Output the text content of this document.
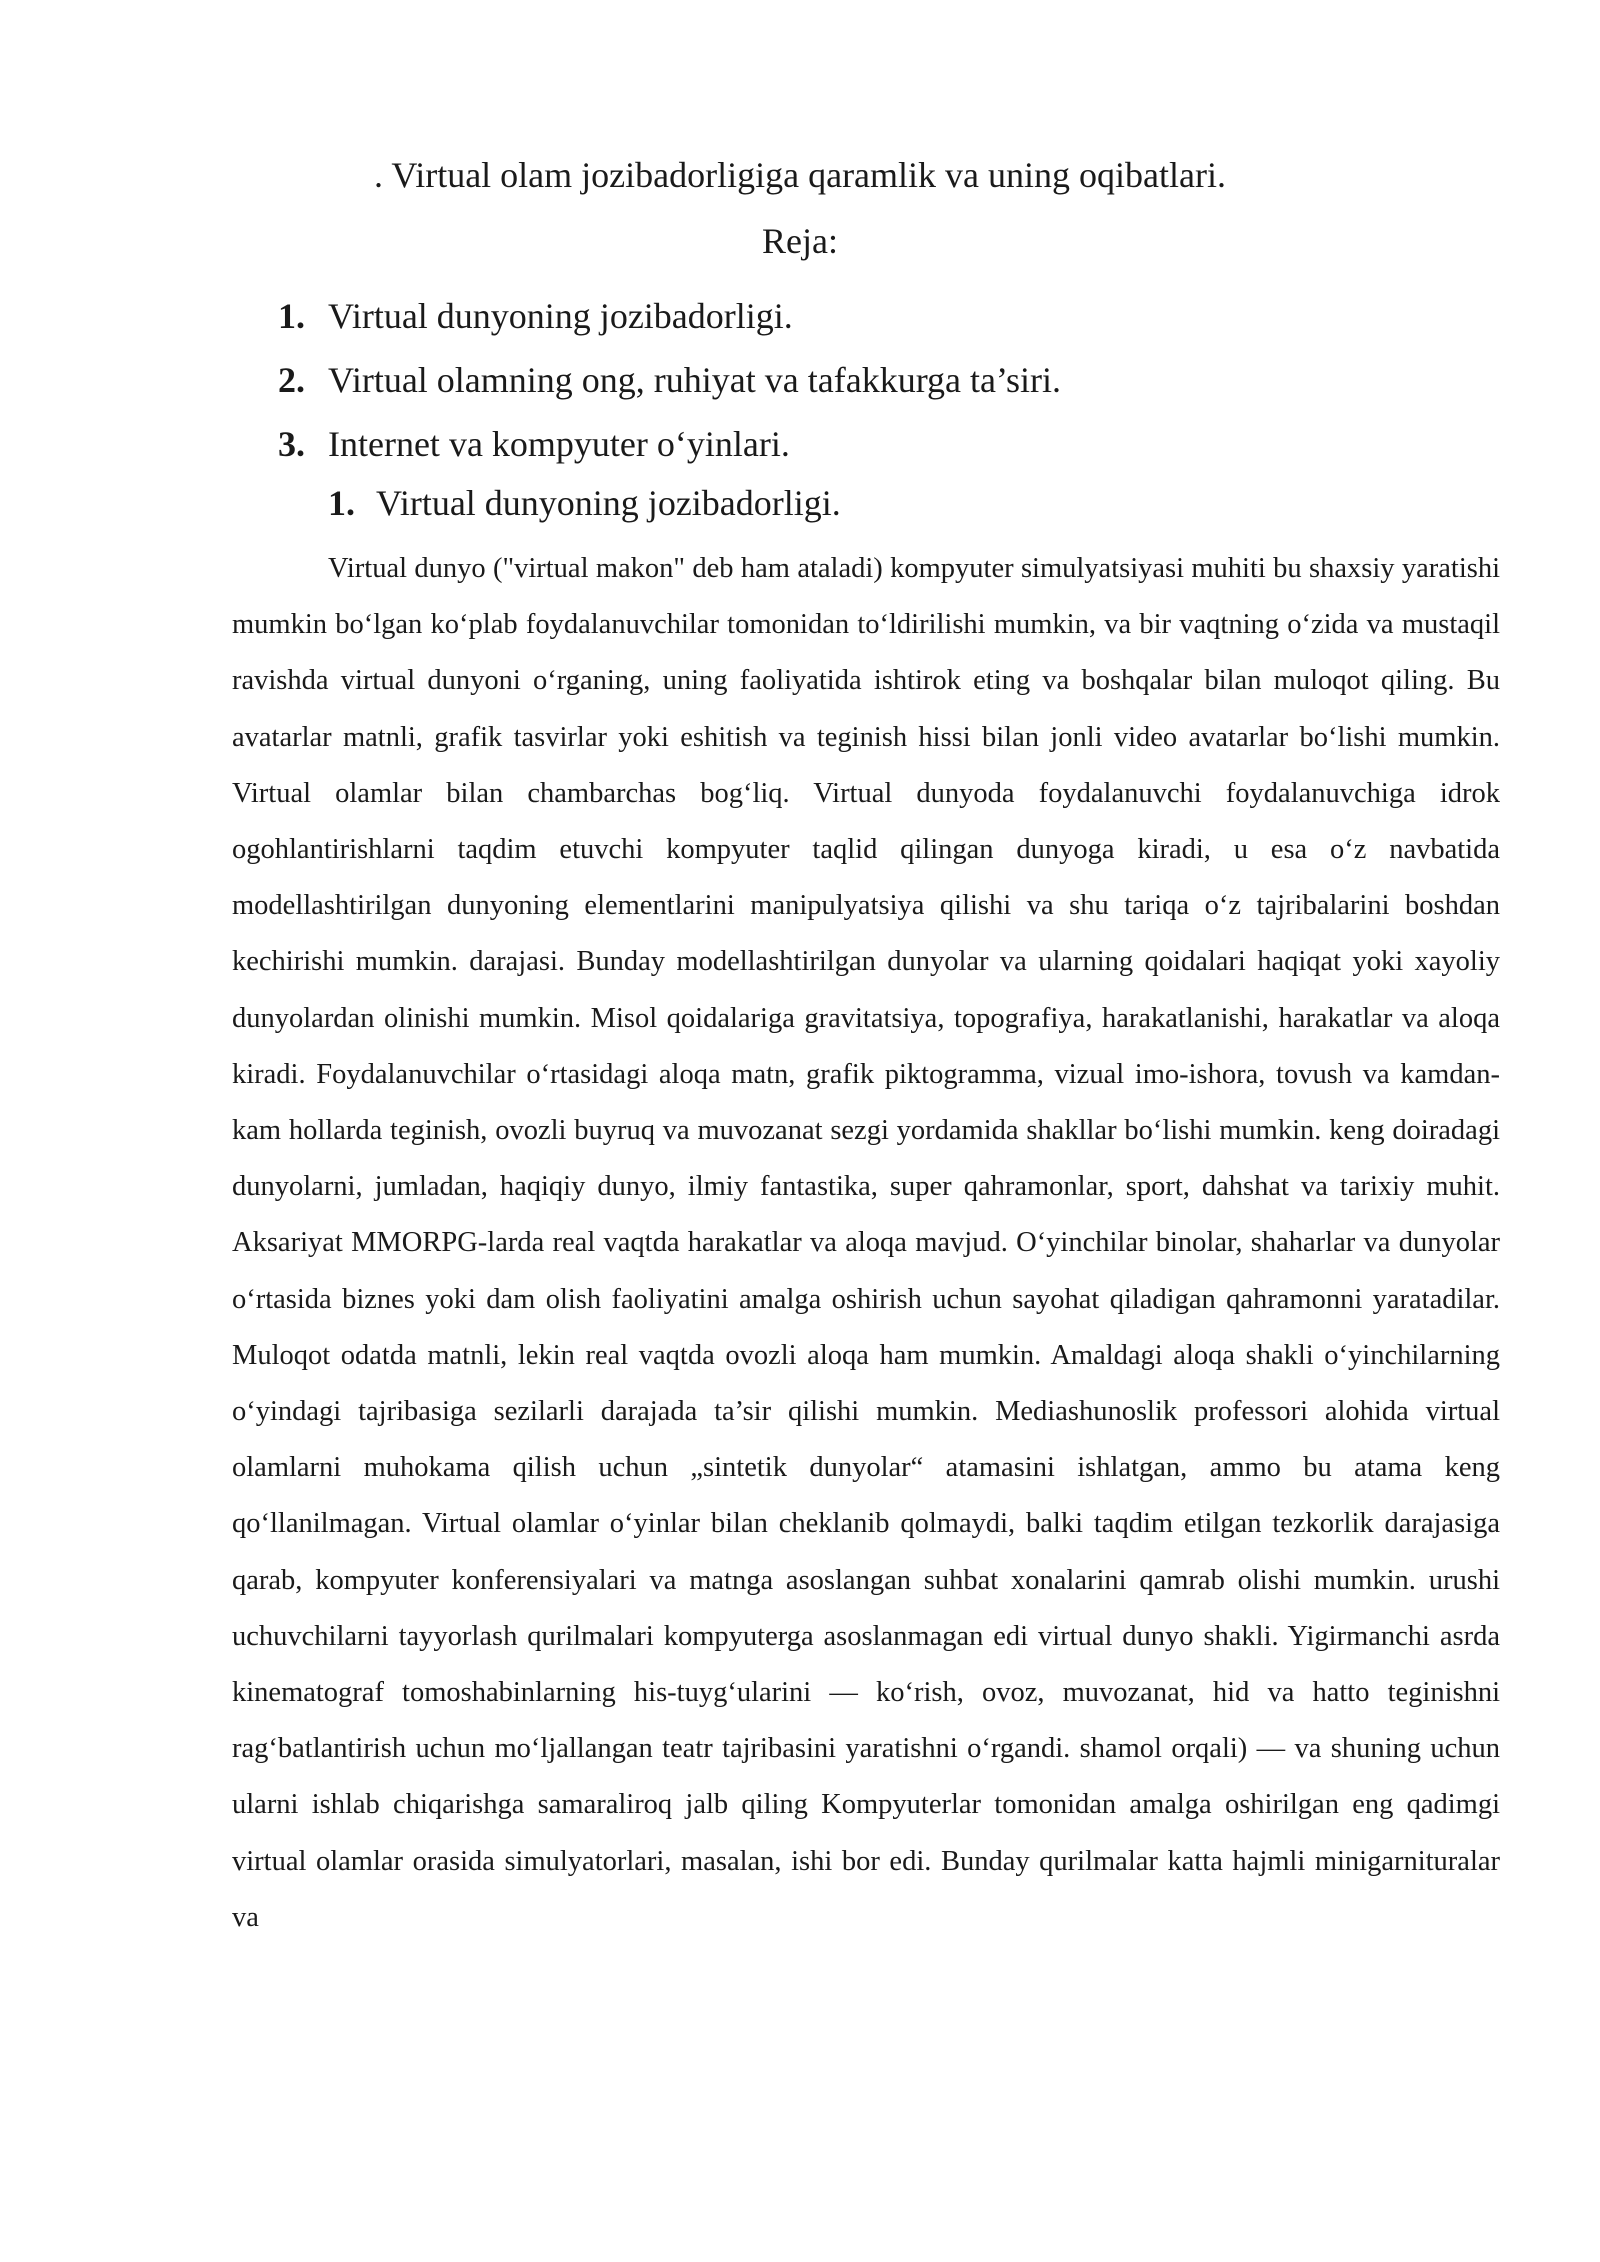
. Virtual olam jozibadorligiga qaramlik va uning oqibatlari.
Reja:
1. Virtual dunyoning jozibadorligi.
2. Virtual olamning ong, ruhiyat va tafakkurga ta’siri.
3. Internet va kompyuter o‘yinlari.
1. Virtual dunyoning jozibadorligi.

Virtual dunyo ("virtual makon" deb ham ataladi) kompyuter simulyatsiyasi muhiti bu shaxsiy yaratishi mumkin bo‘lgan ko‘plab foydalanuvchilar tomonidan to‘ldirilishi mumkin, va bir vaqtning o‘zida va mustaqil ravishda virtual dunyoni o‘rganing, uning faoliyatida ishtirok eting va boshqalar bilan muloqot qiling. Bu avatarlar matnli, grafik tasvirlar yoki eshitish va teginish hissi bilan jonli video avatarlar bo‘lishi mumkin. Virtual olamlar bilan chambarchas bog‘liq. Virtual dunyoda foydalanuvchi foydalanuvchiga idrok ogohlantirishlarni taqdim etuvchi kompyuter taqlid qilingan dunyoga kiradi, u esa o‘z navbatida modellashtirilgan dunyoning elementlarini manipulyatsiya qilishi va shu tariqa o‘z tajribalarini boshdan kechirishi mumkin. darajasi. Bunday modellashtirilgan dunyolar va ularning qoidalari haqiqat yoki xayoliy dunyolardan olinishi mumkin. Misol qoidalariga gravitatsiya, topografiya, harakatlanishi, harakatlar va aloqa kiradi. Foydalanuvchilar o‘rtasidagi aloqa matn, grafik piktogramma, vizual imo-ishora, tovush va kamdan-kam hollarda teginish, ovozli buyruq va muvozanat sezgi yordamida shakllar bo‘lishi mumkin. keng doiradagi dunyolarni, jumladan, haqiqiy dunyo, ilmiy fantastika, super qahramonlar, sport, dahshat va tarixiy muhit. Aksariyat MMORPG-larda real vaqtda harakatlar va aloqa mavjud. O‘yinchilar binolar, shaharlar va dunyolar o‘rtasida biznes yoki dam olish faoliyatini amalga oshirish uchun sayohat qiladigan qahramonni yaratadilar. Muloqot odatda matnli, lekin real vaqtda ovozli aloqa ham mumkin. Amaldagi aloqa shakli o‘yinchilarning o‘yindagi tajribasiga sezilarli darajada ta’sir qilishi mumkin. Mediashunoslik professori alohida virtual olamlarni muhokama qilish uchun „sintetik dunyolar“ atamasini ishlatgan, ammo bu atama keng qo‘llanilmagan. Virtual olamlar o‘yinlar bilan cheklanib qolmaydi, balki taqdim etilgan tezkorlik darajasiga qarab, kompyuter konferensiyalari va matnga asoslangan suhbat xonalarini qamrab olishi mumkin. urushi uchuvchilarni tayyorlash qurilmalari kompyuterga asoslanmagan edi virtual dunyo shakli. Yigirmanchi asrda kinematograf tomoshabinlarning his-tuyg‘ularini — ko‘rish, ovoz, muvozanat, hid va hatto teginishni rag‘batlantirish uchun mo‘ljallangan teatr tajribasini yaratishni o‘rgandi. shamol orqali) — va shuning uchun ularni ishlab chiqarishga samaraliroq jalb qiling Kompyuterlar tomonidan amalga oshirilgan eng qadimgi virtual olamlar orasida simulyatorlari, masalan, ishi bor edi. Bunday qurilmalar katta hajmli minigarnituralar va
